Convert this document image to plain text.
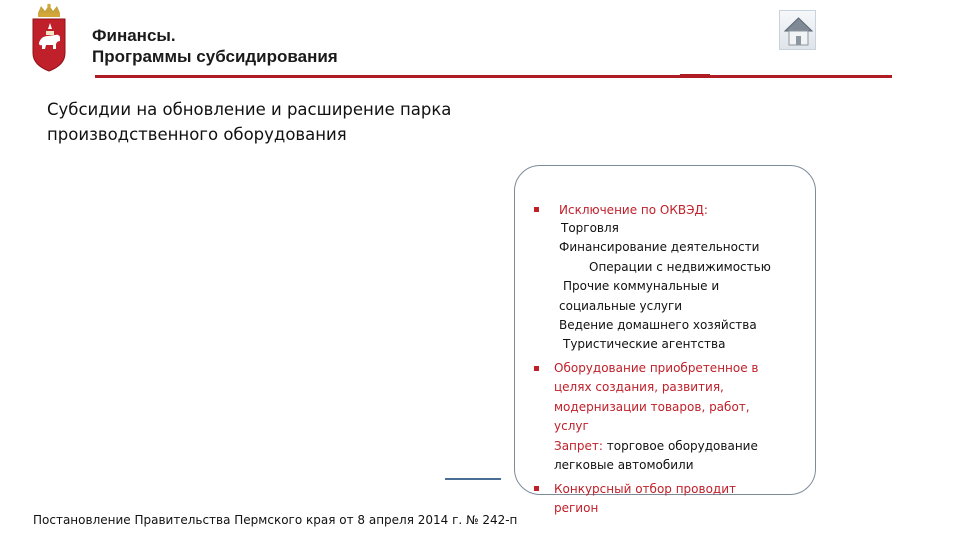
Финансы.
Программы субсидирования
Субсидии на обновление и расширение парка
производственного оборудования
Исключение по ОКВЭД:
Торговля
Финансирование деятельности
Операции с недвижимостью
Прочие коммунальные и
социальные услуги
Ведение домашнего хозяйства
Туристические агентства
Оборудование приобретенное в
целях создания, развития,
модернизации товаров, работ,
услуг
Запрет: торговое оборудование
легковые автомобили
Конкурсный отбор проводит
регион
Постановление Правительства Пермского края от 8 апреля 2014 г. № 242-п
